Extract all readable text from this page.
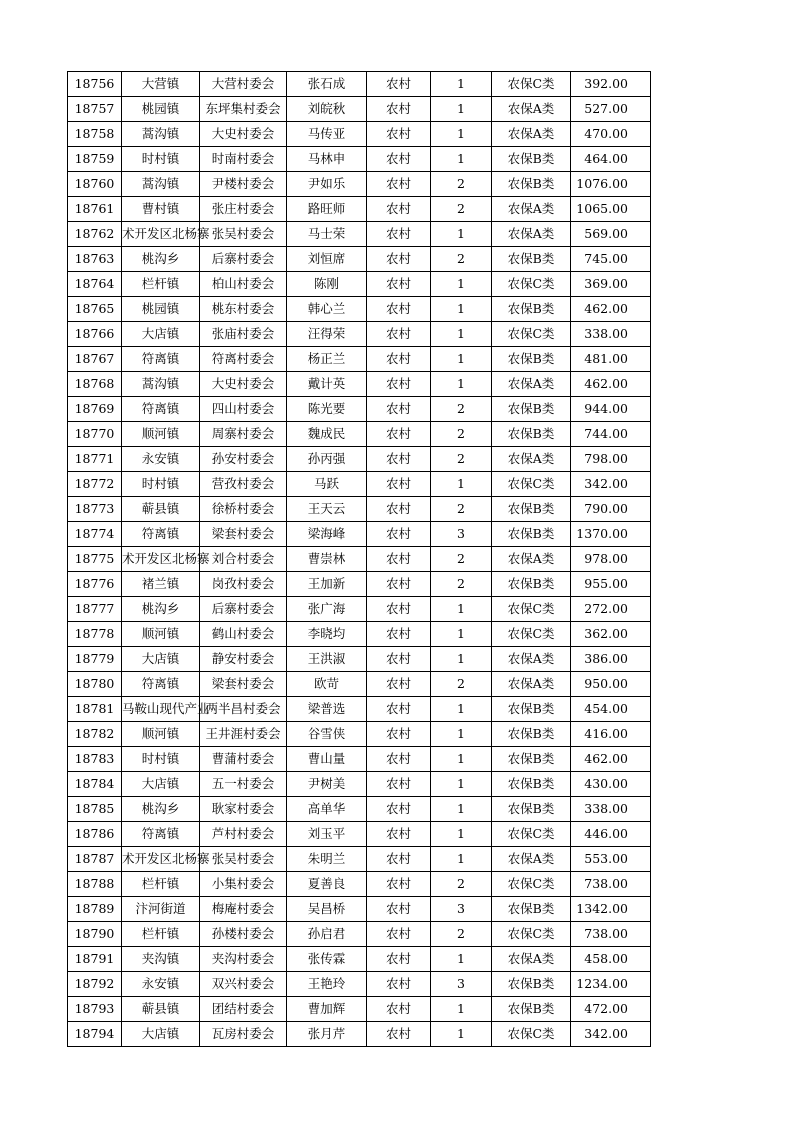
18756	大营镇	大营村委会	张石成	农村	1	农保C类	392.00
18757	桃园镇	东坪集村委会	刘皖秋	农村	1	农保A类	527.00
18758	蒿沟镇	大史村委会	马传亚	农村	1	农保A类	470.00
18759	时村镇	时南村委会	马林申	农村	1	农保B类	464.00
18760	蒿沟镇	尹楼村委会	尹如乐	农村	2	农保B类	1076.00
18761	曹村镇	张庄村委会	路旺师	农村	2	农保A类	1065.00
18762	术开发区北杨寨	张吴村委会	马士荣	农村	1	农保A类	569.00
18763	桃沟乡	后寨村委会	刘恒席	农村	2	农保B类	745.00
18764	栏杆镇	柏山村委会	陈刚	农村	1	农保C类	369.00
18765	桃园镇	桃东村委会	韩心兰	农村	1	农保B类	462.00
18766	大店镇	张庙村委会	汪得荣	农村	1	农保C类	338.00
18767	符离镇	符离村委会	杨正兰	农村	1	农保B类	481.00
18768	蒿沟镇	大史村委会	戴计英	农村	1	农保A类	462.00
18769	符离镇	四山村委会	陈光要	农村	2	农保B类	944.00
18770	顺河镇	周寨村委会	魏成民	农村	2	农保B类	744.00
18771	永安镇	孙安村委会	孙丙强	农村	2	农保A类	798.00
18772	时村镇	营孜村委会	马跃	农村	1	农保C类	342.00
18773	蕲县镇	徐桥村委会	王天云	农村	2	农保B类	790.00
18774	符离镇	梁套村委会	梁海峰	农村	3	农保B类	1370.00
18775	术开发区北杨寨	刘合村委会	曹崇林	农村	2	农保A类	978.00
18776	褚兰镇	岗孜村委会	王加新	农村	2	农保B类	955.00
18777	桃沟乡	后寨村委会	张广海	农村	1	农保C类	272.00
18778	顺河镇	鹤山村委会	李晓均	农村	1	农保C类	362.00
18779	大店镇	静安村委会	王洪淑	农村	1	农保A类	386.00
18780	符离镇	梁套村委会	欧苛	农村	2	农保A类	950.00
18781	马鞍山现代产业	两半昌村委会	梁普选	农村	1	农保B类	454.00
18782	顺河镇	王井涯村委会	谷雪侠	农村	1	农保B类	416.00
18783	时村镇	曹蒲村委会	曹山量	农村	1	农保B类	462.00
18784	大店镇	五一村委会	尹树美	农村	1	农保B类	430.00
18785	桃沟乡	耿家村委会	高单华	农村	1	农保B类	338.00
18786	符离镇	芦村村委会	刘玉平	农村	1	农保C类	446.00
18787	术开发区北杨寨	张吴村委会	朱明兰	农村	1	农保A类	553.00
18788	栏杆镇	小集村委会	夏善良	农村	2	农保C类	738.00
18789	汴河街道	梅庵村委会	吴昌桥	农村	3	农保B类	1342.00
18790	栏杆镇	孙楼村委会	孙启君	农村	2	农保C类	738.00
18791	夹沟镇	夹沟村委会	张传霖	农村	1	农保A类	458.00
18792	永安镇	双兴村委会	王艳玲	农村	3	农保B类	1234.00
18793	蕲县镇	团结村委会	曹加辉	农村	1	农保B类	472.00
18794	大店镇	瓦房村委会	张月芹	农村	1	农保C类	342.00
